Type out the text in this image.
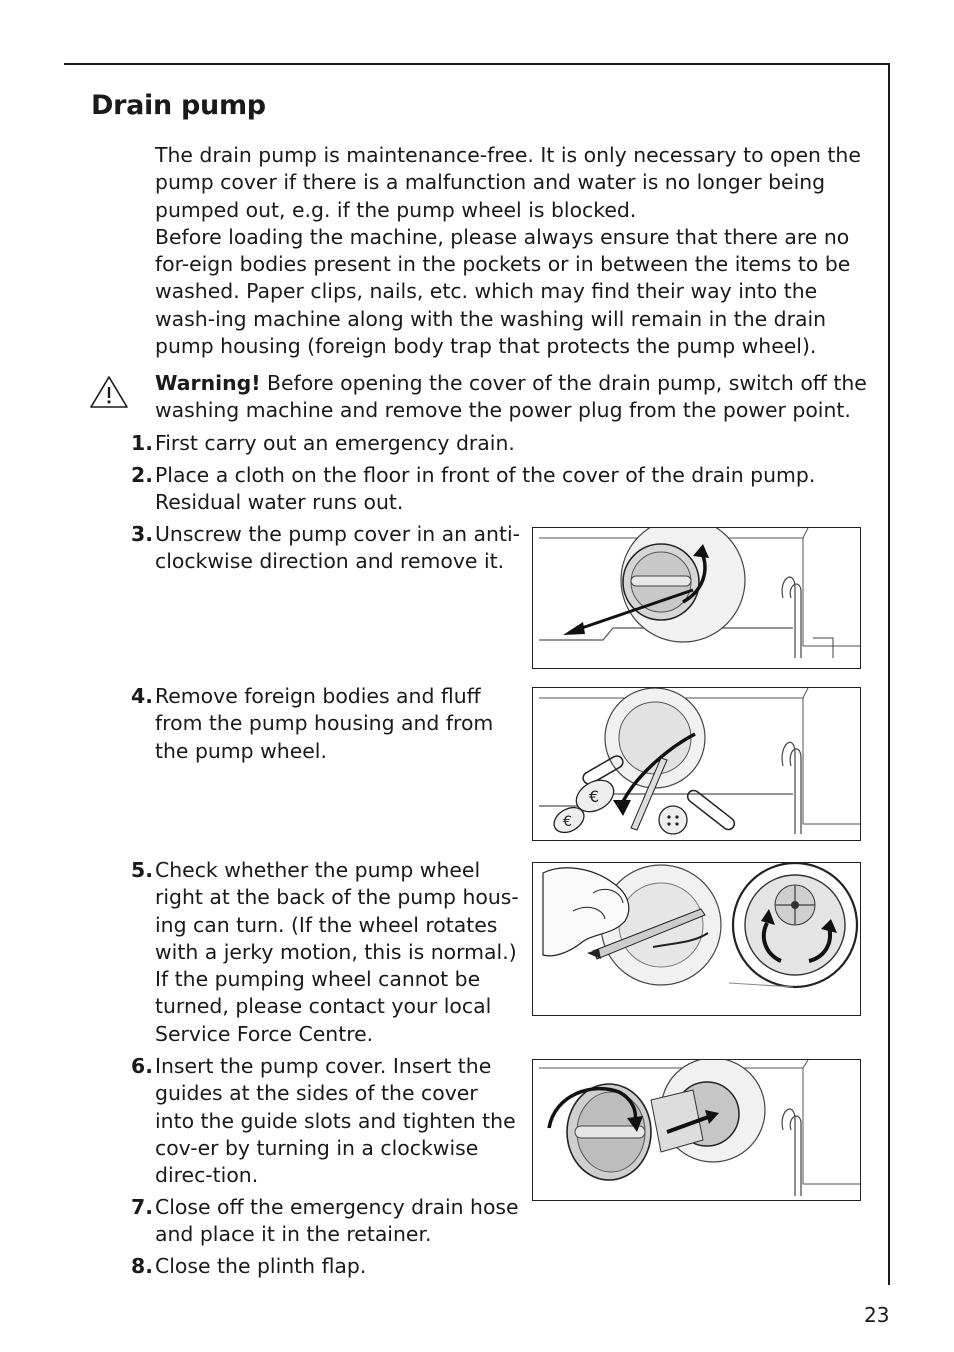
Drain pump

The drain pump is maintenance-free. It is only necessary to open the pump cover if there is a malfunction and water is no longer being pumped out, e.g. if the pump wheel is blocked.

Before loading the machine, please always ensure that there are no for-eign bodies present in the pockets or in between the items to be washed. Paper clips, nails, etc. which may find their way into the wash-ing machine along with the washing will remain in the drain pump housing (foreign body trap that protects the pump wheel).

Warning! Before opening the cover of the drain pump, switch off the washing machine and remove the power plug from the power point.
1. First carry out an emergency drain.
2. Place a cloth on the floor in front of the cover of the drain pump. Residual water runs out.
3. Unscrew the pump cover in an anti-clockwise direction and remove it.
4. Remove foreign bodies and fluff from the pump housing and from the pump wheel.
5. Check whether the pump wheel right at the back of the pump hous-ing can turn. (If the wheel rotates with a jerky motion, this is normal.) If the pumping wheel cannot be turned, please contact your local Service Force Centre.
6. Insert the pump cover. Insert the guides at the sides of the cover into the guide slots and tighten the cov-er by turning in a clockwise direc-tion.
7. Close off the emergency drain hose and place it in the retainer.
8. Close the plinth flap.
€
€
23
